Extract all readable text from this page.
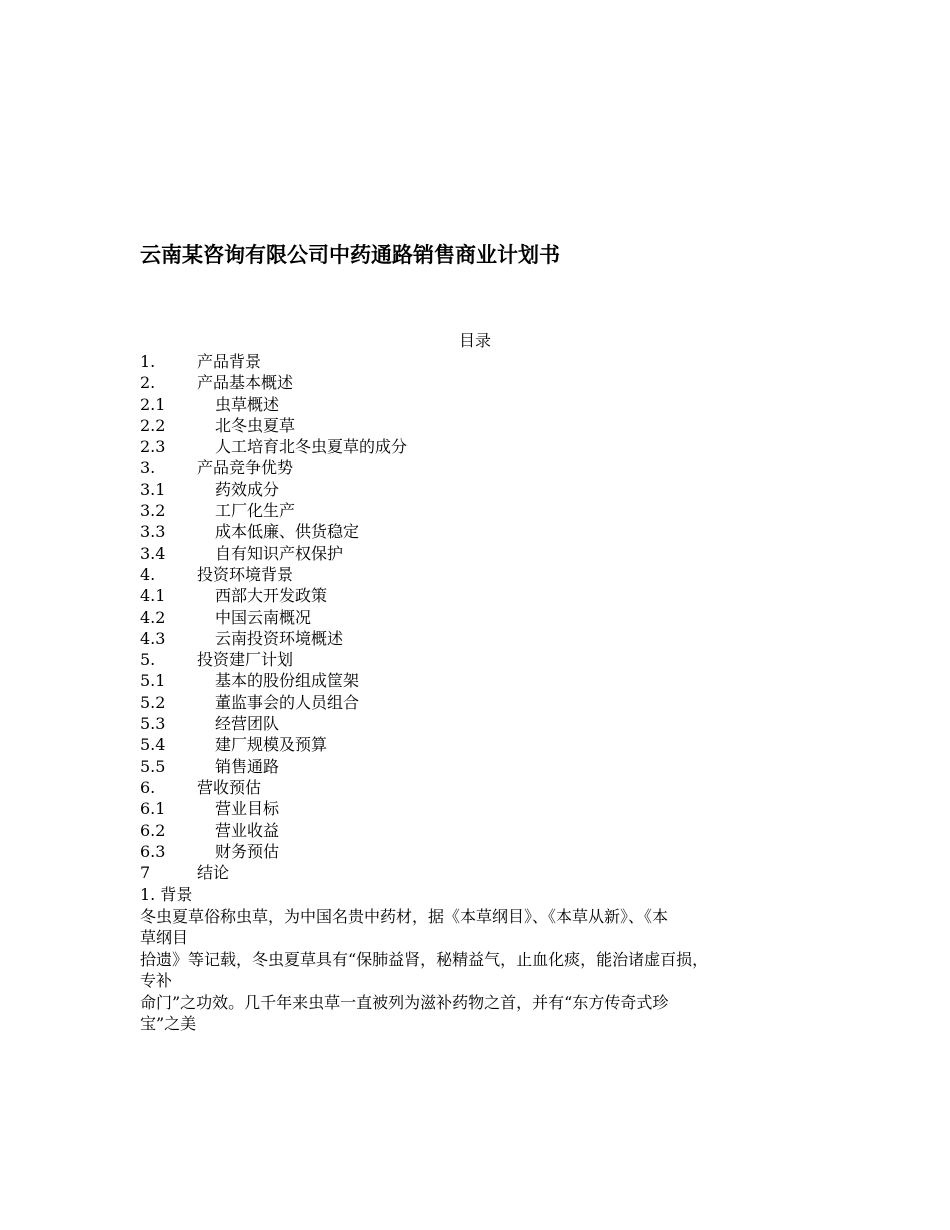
云南某咨询有限公司中药通路销售商业计划书
目录
1.	产品背景
2.	产品基本概述
2.1	虫草概述
2.2	北冬虫夏草
2.3	人工培育北冬虫夏草的成分
3.	产品竞争优势
3.1	药效成分
3.2	工厂化生产
3.3	成本低廉、供货稳定
3.4	自有知识产权保护
4.	投资环境背景
4.1	西部大开发政策
4.2	中国云南概况
4.3	云南投资环境概述
5.	投资建厂计划
5.1	基本的股份组成筐架
5.2	董监事会的人员组合
5.3	经营团队
5.4	建厂规模及预算
5.5	销售通路
6.	营收预估
6.1	营业目标
6.2	营业收益
6.3	财务预估
7	结论
1. 背景
冬虫夏草俗称虫草，为中国名贵中药材，据《本草纲目》、《本草从新》、《本
草纲目
拾遗》等记载，冬虫夏草具有“保肺益肾，秘精益气，止血化痰，能治诸虚百损，
专补
命门”之功效。几千年来虫草一直被列为滋补药物之首，并有“东方传奇式珍
宝”之美
